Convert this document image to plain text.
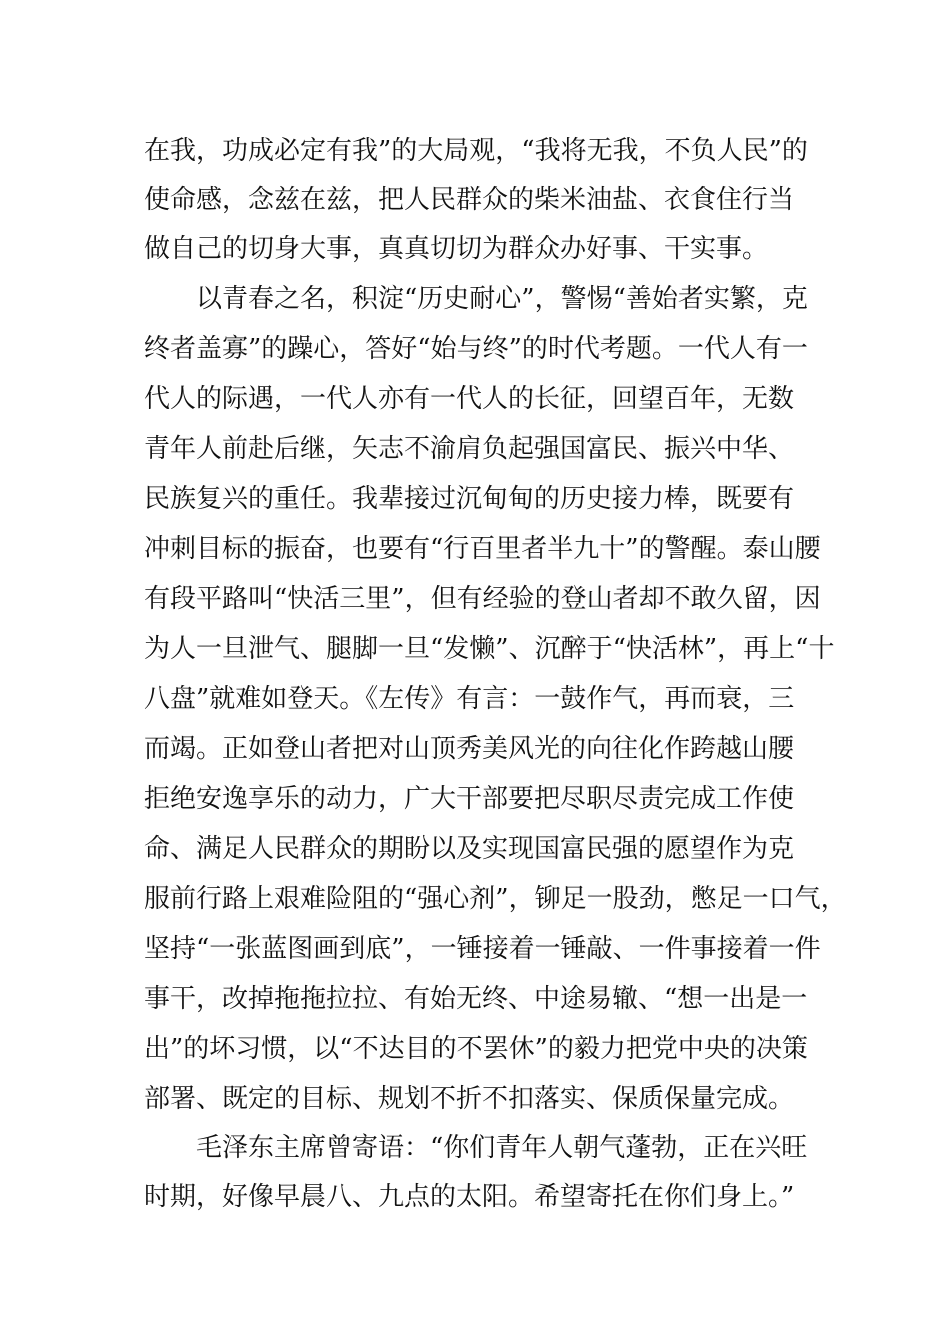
在我，功成必定有我”的大局观，“我将无我，不负人民”的
使命感，念兹在兹，把人民群众的柴米油盐、衣食住行当
做自己的切身大事，真真切切为群众办好事、干实事。
以青春之名，积淀“历史耐心”，警惕“善始者实繁，克
终者盖寡”的躁心，答好“始与终”的时代考题。一代人有一
代人的际遇，一代人亦有一代人的长征，回望百年，无数
青年人前赴后继，矢志不渝肩负起强国富民、振兴中华、
民族复兴的重任。我辈接过沉甸甸的历史接力棒，既要有
冲刺目标的振奋，也要有“行百里者半九十”的警醒。泰山腰
有段平路叫“快活三里”，但有经验的登山者却不敢久留，因
为人一旦泄气、腿脚一旦“发懒”、沉醉于“快活林”，再上“十
八盘”就难如登天。《左传》有言：一鼓作气，再而衰，三
而竭。正如登山者把对山顶秀美风光的向往化作跨越山腰
拒绝安逸享乐的动力，广大干部要把尽职尽责完成工作使
命、满足人民群众的期盼以及实现国富民强的愿望作为克
服前行路上艰难险阻的“强心剂”，铆足一股劲，憋足一口气，
坚持“一张蓝图画到底”，一锤接着一锤敲、一件事接着一件
事干，改掉拖拖拉拉、有始无终、中途易辙、“想一出是一
出”的坏习惯，以“不达目的不罢休”的毅力把党中央的决策
部署、既定的目标、规划不折不扣落实、保质保量完成。
毛泽东主席曾寄语：“你们青年人朝气蓬勃，正在兴旺
时期，好像早晨八、九点的太阳。希望寄托在你们身上。”
